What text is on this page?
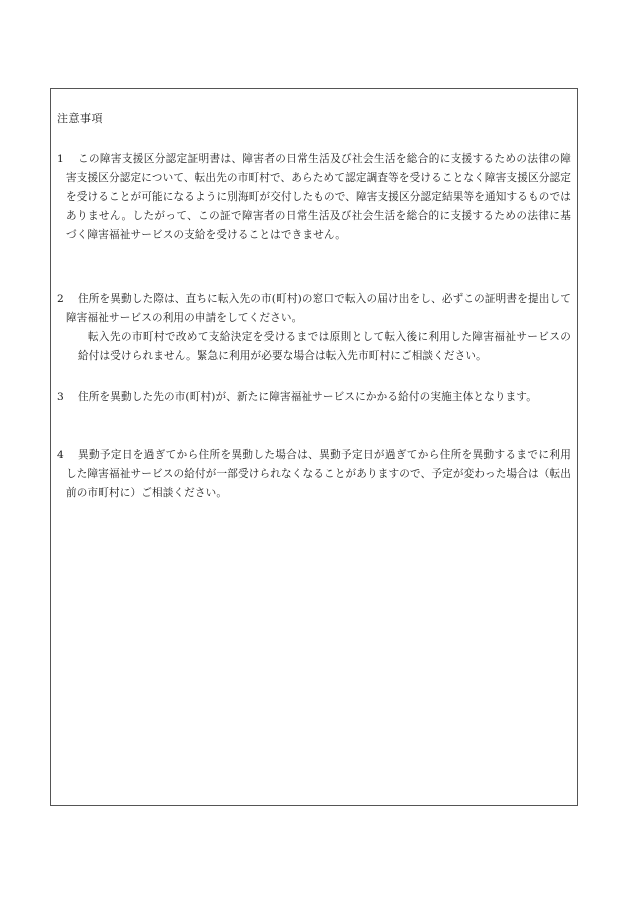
注意事項
1	この障害支援区分認定証明書は、障害者の日常生活及び社会生活を総合的に支援するための法律の障害支援区分認定について、転出先の市町村で、あらためて認定調査等を受けることなく障害支援区分認定を受けることが可能になるように別海町が交付したもので、障害支援区分認定結果等を通知するものではありません。したがって、この証で障害者の日常生活及び社会生活を総合的に支援するための法律に基づく障害福祉サービスの支給を受けることはできません。

2	住所を異動した際は、直ちに転入先の市(町村)の窓口で転入の届け出をし、必ずこの証明書を提出して障害福祉サービスの利用の申請をしてください。

転入先の市町村で改めて支給決定を受けるまでは原則として転入後に利用した障害福祉サービスの給付は受けられません。緊急に利用が必要な場合は転入先市町村にご相談ください。

3	住所を異動した先の市(町村)が、新たに障害福祉サービスにかかる給付の実施主体となります。

4	異動予定日を過ぎてから住所を異動した場合は、異動予定日が過ぎてから住所を異動するまでに利用した障害福祉サービスの給付が一部受けられなくなることがありますので、予定が変わった場合は（転出前の市町村に）ご相談ください。
